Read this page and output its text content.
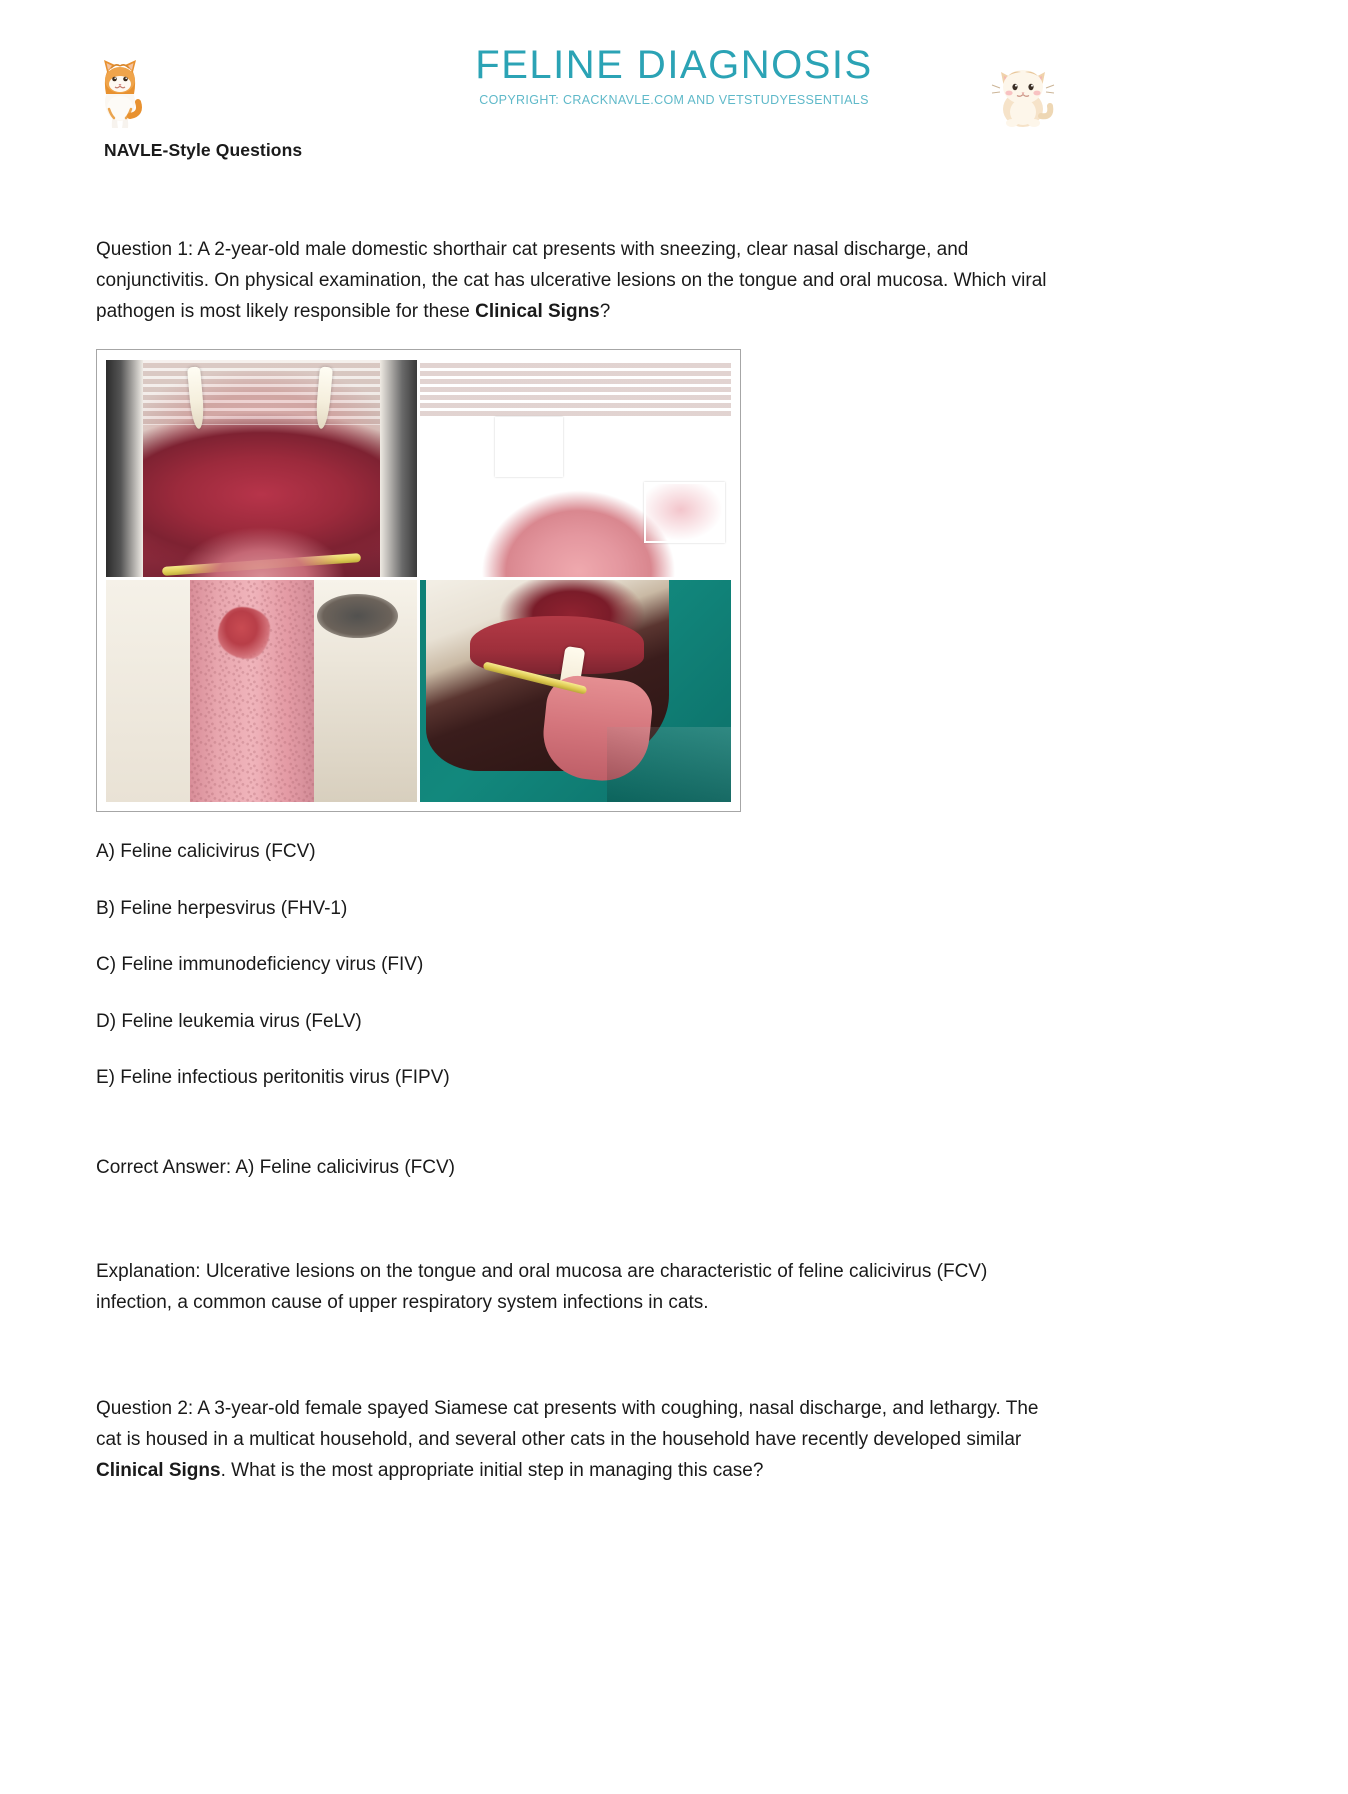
FELINE DIAGNOSIS
COPYRIGHT: CRACKNAVLE.COM AND VETSTUDYESSENTIALS
NAVLE-Style Questions

Question 1: A 2-year-old male domestic shorthair cat presents with sneezing, clear nasal discharge, and conjunctivitis. On physical examination, the cat has ulcerative lesions on the tongue and oral mucosa. Which viral pathogen is most likely responsible for these Clinical Signs?

A) Feline calicivirus (FCV)
B) Feline herpesvirus (FHV-1)
C) Feline immunodeficiency virus (FIV)
D) Feline leukemia virus (FeLV)
E) Feline infectious peritonitis virus (FIPV)
Correct Answer: A) Feline calicivirus (FCV)

Explanation: Ulcerative lesions on the tongue and oral mucosa are characteristic of feline calicivirus (FCV) infection, a common cause of upper respiratory system infections in cats.

Question 2: A 3-year-old female spayed Siamese cat presents with coughing, nasal discharge, and lethargy. The cat is housed in a multicat household, and several other cats in the household have recently developed similar Clinical Signs. What is the most appropriate initial step in managing this case?
